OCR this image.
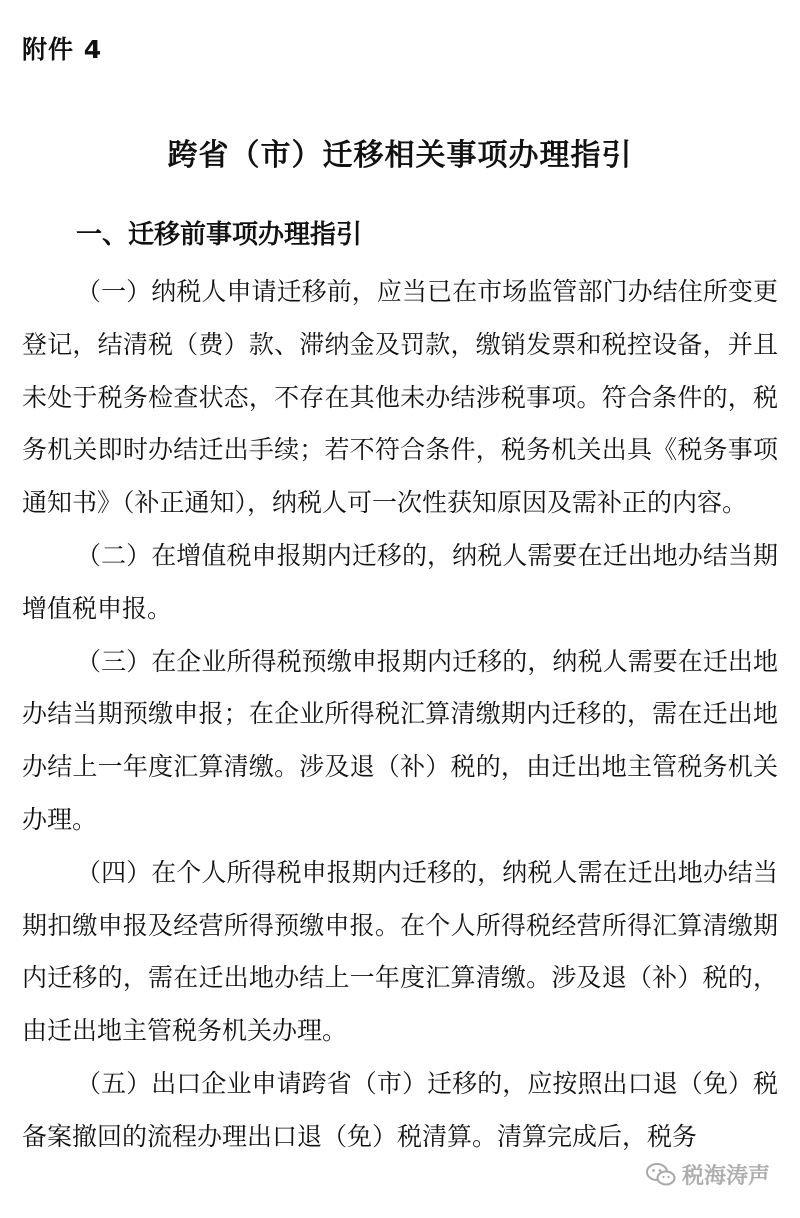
附件 4

跨省（市）迁移相关事项办理指引
一、迁移前事项办理指引

（一）纳税人申请迁移前，应当已在市场监管部门办结住所变更登记，结清税（费）款、滞纳金及罚款，缴销发票和税控设备，并且未处于税务检查状态，不存在其他未办结涉税事项。符合条件的，税务机关即时办结迁出手续；若不符合条件，税务机关出具《税务事项通知书》（补正通知），纳税人可一次性获知原因及需补正的内容。

（二）在增值税申报期内迁移的，纳税人需要在迁出地办结当期增值税申报。

（三）在企业所得税预缴申报期内迁移的，纳税人需要在迁出地办结当期预缴申报；在企业所得税汇算清缴期内迁移的，需在迁出地办结上一年度汇算清缴。涉及退（补）税的，由迁出地主管税务机关办理。

（四）在个人所得税申报期内迁移的，纳税人需在迁出地办结当期扣缴申报及经营所得预缴申报。在个人所得税经营所得汇算清缴期内迁移的，需在迁出地办结上一年度汇算清缴。涉及退（补）税的，由迁出地主管税务机关办理。

（五）出口企业申请跨省（市）迁移的，应按照出口退（免）税备案撤回的流程办理出口退（免）税清算。清算完成后，税务

税海涛声
